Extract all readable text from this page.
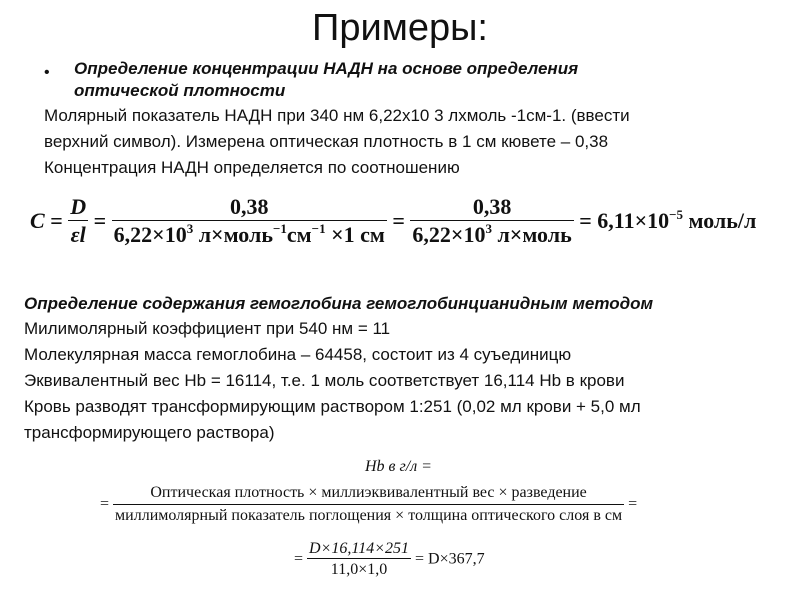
Примеры:
• Определение концентрации НАДН на основе определения
оптической плотности
Молярный показатель НАДН при 340 нм 6,22х10 3 лхмоль -1см-1. (ввести
верхний символ). Измерена оптическая плотность в 1 см кювете – 0,38
Концентрация НАДН определяется по соотношению
$C = \frac{D}{\varepsilon l} = \frac{0,38}{6,22\times 10^3 л\times моль^{-1}см^{-1} \times 1 см} = \frac{0,38}{6,22\times 10^3 л\times моль} = 6,11\times 10^{-5}$ моль/л
Определение содержания гемоглобина гемоглобинцианидным методом
Милимолярный коэффициент при 540 нм = 11
Молекулярная масса гемоглобина – 64458, состоит из 4 суъединицю
Эквивалентный вес Hb = 16114, т.е. 1 моль соответствует 16,114 Hb в крови
Кровь разводят трансформирующим раствором 1:251 (0,02 мл крови + 5,0 мл
трансформирующего раствора)
Hb в г/л =
=
Оптическая плотность × миллиэквивалентный вес × разведение
миллимолярный показатель поглощения × толщина оптического слоя в см
=
= $\frac{D\times 16,114\times 251}{11,0\times 1,0} = D\times 367,7$
